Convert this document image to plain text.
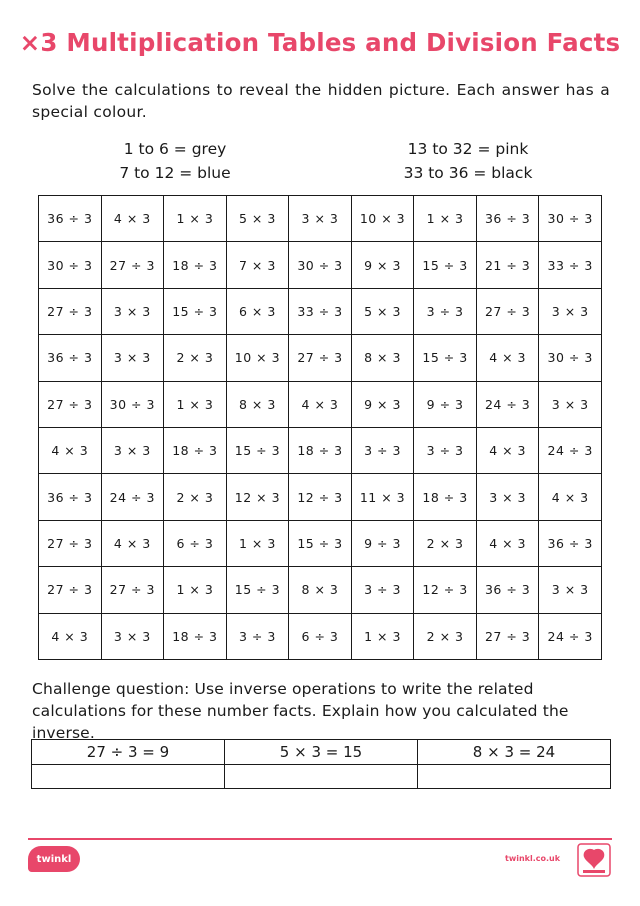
×3 Multiplication Tables and Division Facts
Solve the calculations to reveal the hidden picture. Each answer has a special colour.
1 to 6 = grey
7 to 12 = blue
13 to 32 = pink
33 to 36 = black
36 ÷ 3	4 × 3	1 × 3	5 × 3	3 × 3	10 × 3	1 × 3	36 ÷ 3	30 ÷ 3
30 ÷ 3	27 ÷ 3	18 ÷ 3	7 × 3	30 ÷ 3	9 × 3	15 ÷ 3	21 ÷ 3	33 ÷ 3
27 ÷ 3	3 × 3	15 ÷ 3	6 × 3	33 ÷ 3	5 × 3	3 ÷ 3	27 ÷ 3	3 × 3
36 ÷ 3	3 × 3	2 × 3	10 × 3	27 ÷ 3	8 × 3	15 ÷ 3	4 × 3	30 ÷ 3
27 ÷ 3	30 ÷ 3	1 × 3	8 × 3	4 × 3	9 × 3	9 ÷ 3	24 ÷ 3	3 × 3
4 × 3	3 × 3	18 ÷ 3	15 ÷ 3	18 ÷ 3	3 ÷ 3	3 ÷ 3	4 × 3	24 ÷ 3
36 ÷ 3	24 ÷ 3	2 × 3	12 × 3	12 ÷ 3	11 × 3	18 ÷ 3	3 × 3	4 × 3
27 ÷ 3	4 × 3	6 ÷ 3	1 × 3	15 ÷ 3	9 ÷ 3	2 × 3	4 × 3	36 ÷ 3
27 ÷ 3	27 ÷ 3	1 × 3	15 ÷ 3	8 × 3	3 ÷ 3	12 ÷ 3	36 ÷ 3	3 × 3
4 × 3	3 × 3	18 ÷ 3	3 ÷ 3	6 ÷ 3	1 × 3	2 × 3	27 ÷ 3	24 ÷ 3
Challenge question: Use inverse operations to write the related calculations for these number facts. Explain how you calculated the inverse.
27 ÷ 3 = 9	5 × 3 = 15	8 × 3 = 24

twinkl	twinkl.co.uk
